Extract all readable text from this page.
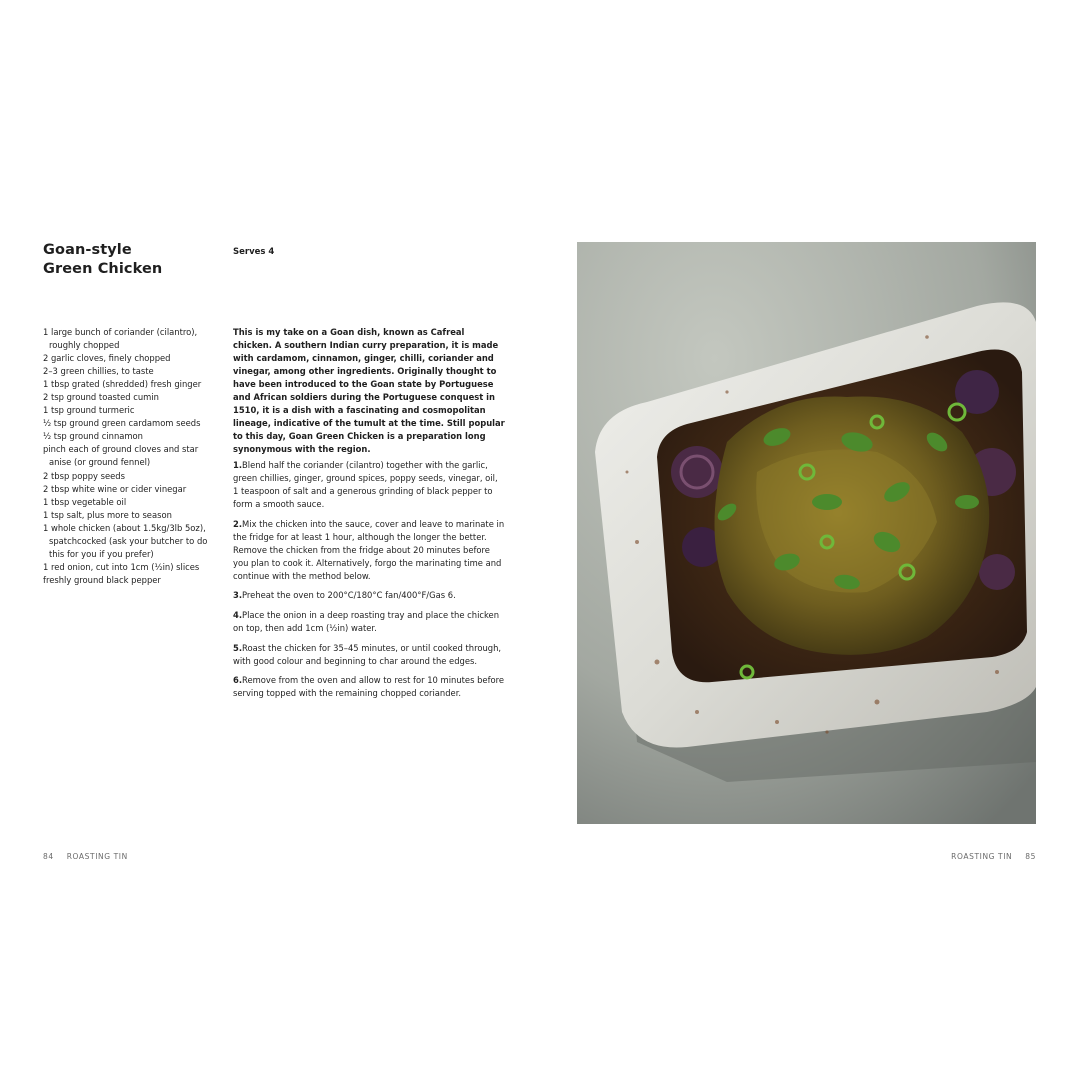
Goan-style
Green Chicken
Serves 4
1 large bunch of coriander (cilantro), roughly chopped
2 garlic cloves, finely chopped
2–3 green chillies, to taste
1 tbsp grated (shredded) fresh ginger
2 tsp ground toasted cumin
1 tsp ground turmeric
½ tsp ground green cardamom seeds
½ tsp ground cinnamon
pinch each of ground cloves and star anise (or ground fennel)
2 tbsp poppy seeds
2 tbsp white wine or cider vinegar
1 tbsp vegetable oil
1 tsp salt, plus more to season
1 whole chicken (about 1.5kg/3lb 5oz), spatchcocked (ask your butcher to do this for you if you prefer)
1 red onion, cut into 1cm (½in) slices
freshly ground black pepper

This is my take on a Goan dish, known as Cafreal chicken. A southern Indian curry preparation, it is made with cardamom, cinnamon, ginger, chilli, coriander and vinegar, among other ingredients. Originally thought to have been introduced to the Goan state by Portuguese and African soldiers during the Portuguese conquest in 1510, it is a dish with a fascinating and cosmopolitan lineage, indicative of the tumult at the time. Still popular to this day, Goan Green Chicken is a preparation long synonymous with the region.

1.Blend half the coriander (cilantro) together with the garlic, green chillies, ginger, ground spices, poppy seeds, vinegar, oil, 1 teaspoon of salt and a generous grinding of black pepper to form a smooth sauce.
2.Mix the chicken into the sauce, cover and leave to marinate in the fridge for at least 1 hour, although the longer the better. Remove the chicken from the fridge about 20 minutes before you plan to cook it. Alternatively, forgo the marinating time and continue with the method below.
3.Preheat the oven to 200°C/180°C fan/400°F/Gas 6.
4.Place the onion in a deep roasting tray and place the chicken on top, then add 1cm (½in) water.
5.Roast the chicken for 35–45 minutes, or until cooked through, with good colour and beginning to char around the edges.
6.Remove from the oven and allow to rest for 10 minutes before serving topped with the remaining chopped coriander.
84 ROASTING TIN	ROASTING TIN 85
